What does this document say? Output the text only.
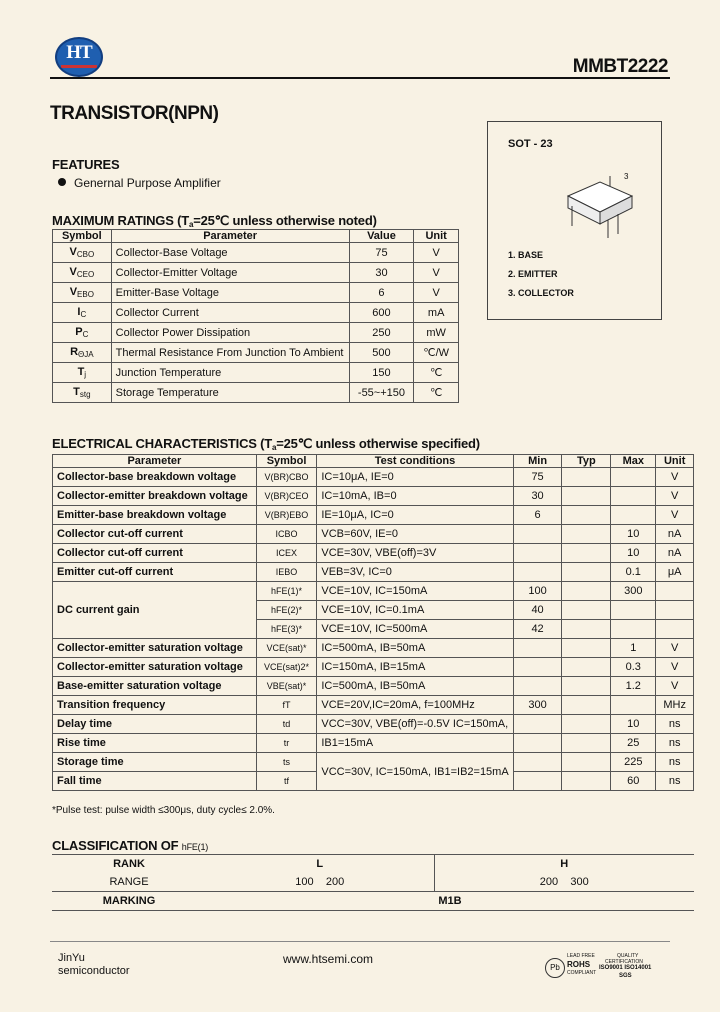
HT
MMBT2222
TRANSISTOR(NPN)
FEATURES
Genernal Purpose Amplifier
SOT - 23
3
1. BASE
2. EMITTER
3. COLLECTOR
MAXIMUM RATINGS ($T_a=25℃$ unless otherwise noted)
Symbol	Parameter	Value	Unit
$V_{CBO}$	Collector-Base Voltage	75	V
$V_{CEO}$	Collector-Emitter Voltage	30	V
$V_{EBO}$	Emitter-Base Voltage	6	V
$I_C$	Collector Current	600	mA
$P_C$	Collector Power Dissipation	250	mW
$R_{\Theta JA}$	Thermal Resistance From Junction To Ambient	500	℃/W
$T_j$	Junction Temperature	150	℃
$T_{stg}$	Storage Temperature	-55~+150	℃
ELECTRICAL CHARACTERISTICS ($T_a=25℃$ unless otherwise specified)
Parameter	Symbol	Test conditions	Min	Typ	Max	Unit
Collector-base breakdown voltage	V(BR)CBO	IC=10μA, IE=0	75			V
Collector-emitter breakdown voltage	V(BR)CEO	IC=10mA, IB=0	30			V
Emitter-base breakdown voltage	V(BR)EBO	IE=10μA, IC=0	6			V
Collector cut-off current	ICBO	VCB=60V, IE=0			10	nA
Collector cut-off current	ICEX	VCE=30V, VBE(off)=3V			10	nA
Emitter cut-off current	IEBO	VEB=3V, IC=0			0.1	μA
DC current gain	hFE(1)*	VCE=10V, IC=150mA	100		300	
	hFE(2)*	VCE=10V, IC=0.1mA	40			
	hFE(3)*	VCE=10V, IC=500mA	42			
Collector-emitter saturation voltage	VCE(sat)*	IC=500mA, IB=50mA			1	V
Collector-emitter saturation voltage	VCE(sat)2*	IC=150mA, IB=15mA			0.3	V
Base-emitter saturation voltage	VBE(sat)*	IC=500mA, IB=50mA			1.2	V
Transition frequency	fT	VCE=20V,IC=20mA, f=100MHz	300			MHz
Delay time	td	VCC=30V, VBE(off)=-0.5V IC=150mA,			10	ns
Rise time	tr	IB1=15mA			25	ns
Storage time	ts	VCC=30V, IC=150mA, IB1=IB2=15mA			225	ns
Fall time	tf				60	ns
*Pulse test: pulse width ≤300μs, duty cycle≤ 2.0%.
CLASSIFICATION OF hFE(1)
RANK	L	H
RANGE	100    200	200    300
MARKING	M1B	
JinYu
semiconductor
www.htsemi.com
Pb
LEAD FREE
ROHS
COMPLIANT
QUALITY
CERTIFICATION
ISO9001 ISO14001
SGS
